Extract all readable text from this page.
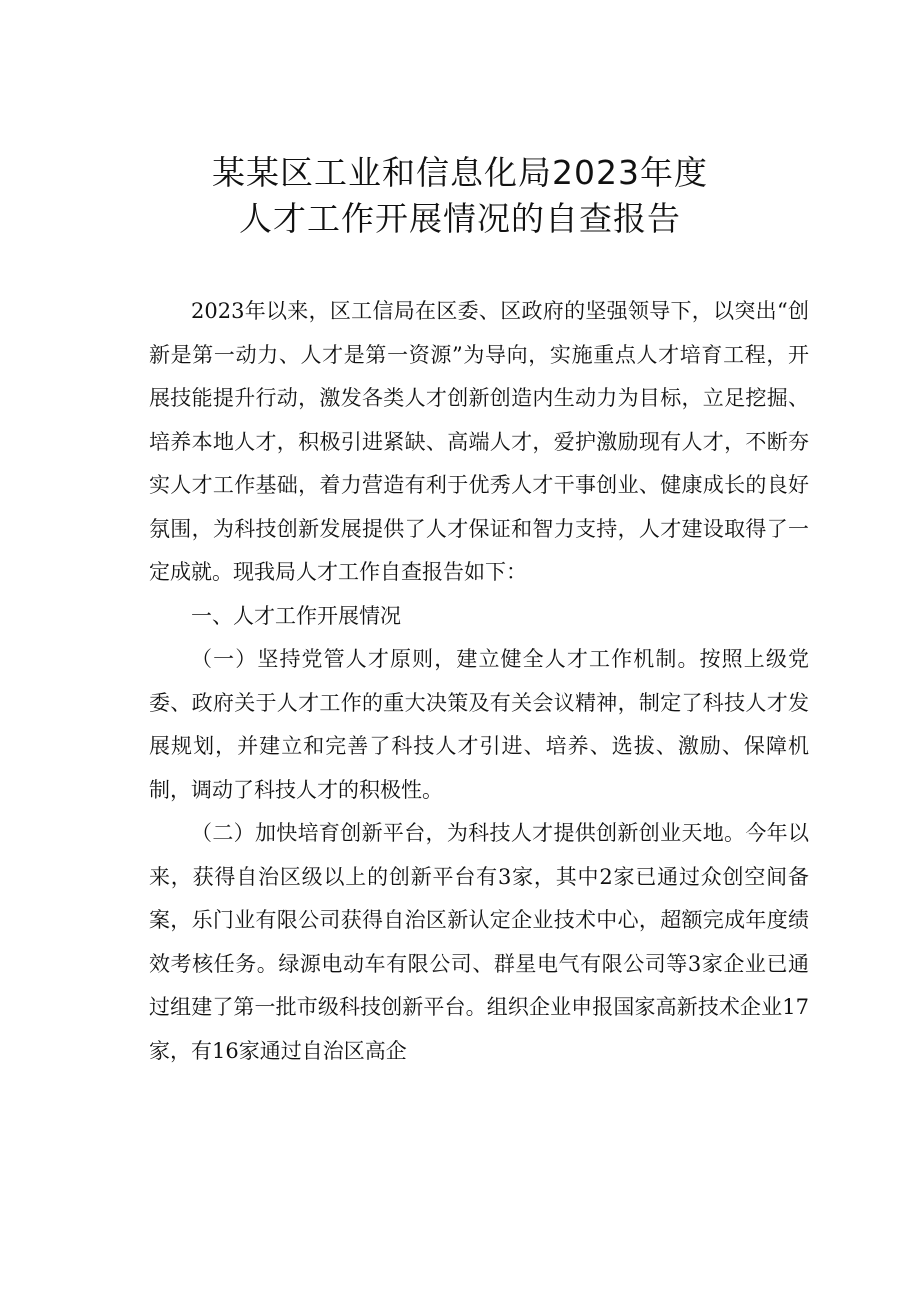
某某区工业和信息化局2023年度
人才工作开展情况的自查报告

2023年以来，区工信局在区委、区政府的坚强领导下，以突出“创新是第一动力、人才是第一资源”为导向，实施重点人才培育工程，开展技能提升行动，激发各类人才创新创造内生动力为目标，立足挖掘、培养本地人才，积极引进紧缺、高端人才，爱护激励现有人才，不断夯实人才工作基础，着力营造有利于优秀人才干事创业、健康成长的良好氛围，为科技创新发展提供了人才保证和智力支持，人才建设取得了一定成就。现我局人才工作自查报告如下：

一、人才工作开展情况

（一）坚持党管人才原则，建立健全人才工作机制。按照上级党委、政府关于人才工作的重大决策及有关会议精神，制定了科技人才发展规划，并建立和完善了科技人才引进、培养、选拔、激励、保障机制，调动了科技人才的积极性。

（二）加快培育创新平台，为科技人才提供创新创业天地。今年以来，获得自治区级以上的创新平台有3家，其中2家已通过众创空间备案，乐门业有限公司获得自治区新认定企业技术中心，超额完成年度绩效考核任务。绿源电动车有限公司、群星电气有限公司等3家企业已通过组建了第一批市级科技创新平台。组织企业申报国家高新技术企业17家，有16家通过自治区高企
